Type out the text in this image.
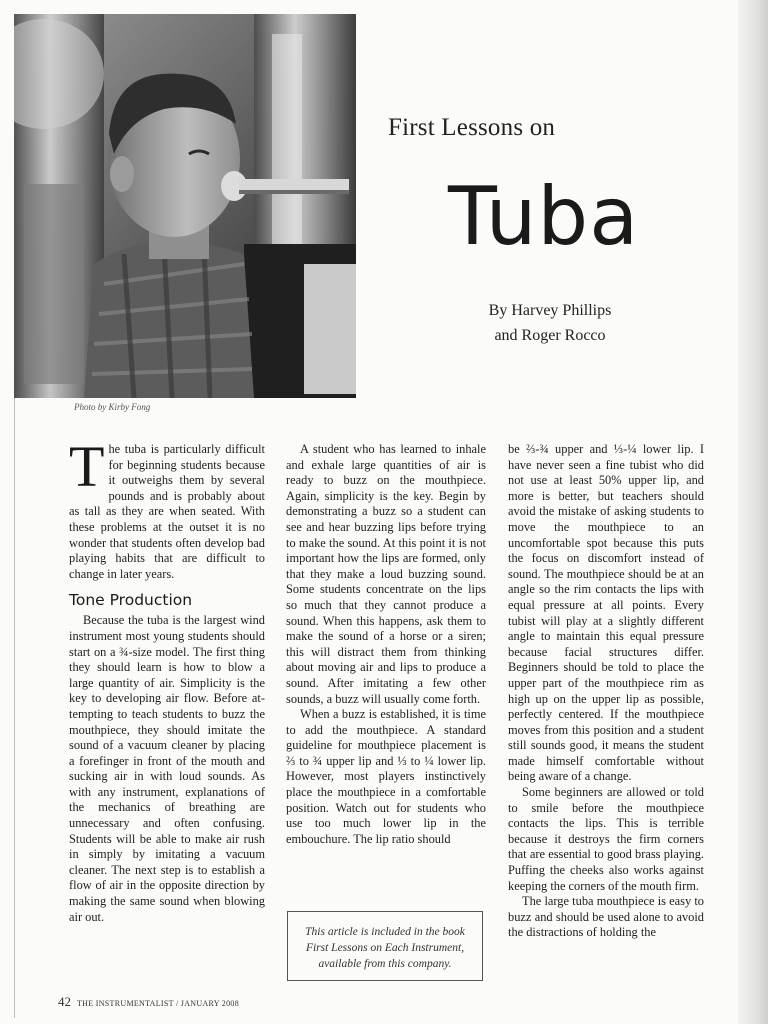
Photo by Kirby Fong
First Lessons on
Tuba
By Harvey Phillips
and Roger Rocco

The tuba is particularly difficult for beginning students because it outweighs them by several pounds and is probably about as tall as they are when seated. With these problems at the outset it is no wonder that students often develop bad playing habits that are difficult to change in later years.

Tone Production

Because the tuba is the largest wind instrument most young students should start on a ¾-size model. The first thing they should learn is how to blow a large quantity of air. Simplicity is the key to developing air flow. Before at-tempting to teach students to buzz the mouthpiece, they should imitate the sound of a vacuum cleaner by placing a forefinger in front of the mouth and sucking air in with loud sounds. As with any instrument, explanations of the mechanics of breathing are unnecessary and often confusing. Students will be able to make air rush in simply by imitating a vacuum cleaner. The next step is to establish a flow of air in the opposite direction by making the same sound when blowing air out.

A student who has learned to inhale and exhale large quantities of air is ready to buzz on the mouthpiece. Again, simplicity is the key. Begin by demonstrating a buzz so a student can see and hear buzzing lips before trying to make the sound. At this point it is not important how the lips are formed, only that they make a loud buzzing sound. Some students concentrate on the lips so much that they cannot produce a sound. When this happens, ask them to make the sound of a horse or a siren; this will distract them from thinking about moving air and lips to produce a sound. After imitating a few other sounds, a buzz will usually come forth.

When a buzz is established, it is time to add the mouthpiece. A standard guideline for mouthpiece placement is ⅔ to ¾ upper lip and ⅓ to ¼ lower lip. However, most players instinctively place the mouthpiece in a comfortable position. Watch out for students who use too much lower lip in the embouchure. The lip ratio should

be ⅔-¾ upper and ⅓-¼ lower lip. I have never seen a fine tubist who did not use at least 50% upper lip, and more is better, but teachers should avoid the mistake of asking students to move the mouthpiece to an uncomfortable spot because this puts the focus on discomfort instead of sound. The mouthpiece should be at an angle so the rim contacts the lips with equal pressure at all points. Every tubist will play at a slightly different angle to maintain this equal pressure because facial structures differ. Beginners should be told to place the upper part of the mouthpiece rim as high up on the upper lip as possible, perfectly centered. If the mouthpiece moves from this position and a student still sounds good, it means the student made himself comfortable without being aware of a change.

Some beginners are allowed or told to smile before the mouthpiece contacts the lips. This is terrible because it destroys the firm corners that are essential to good brass playing. Puffing the cheeks also works against keeping the corners of the mouth firm.

The large tuba mouthpiece is easy to buzz and should be used alone to avoid the distractions of holding the

This article is included in the book
First Lessons on Each Instrument,
available from this company.
42 THE INSTRUMENTALIST / JANUARY 2008
